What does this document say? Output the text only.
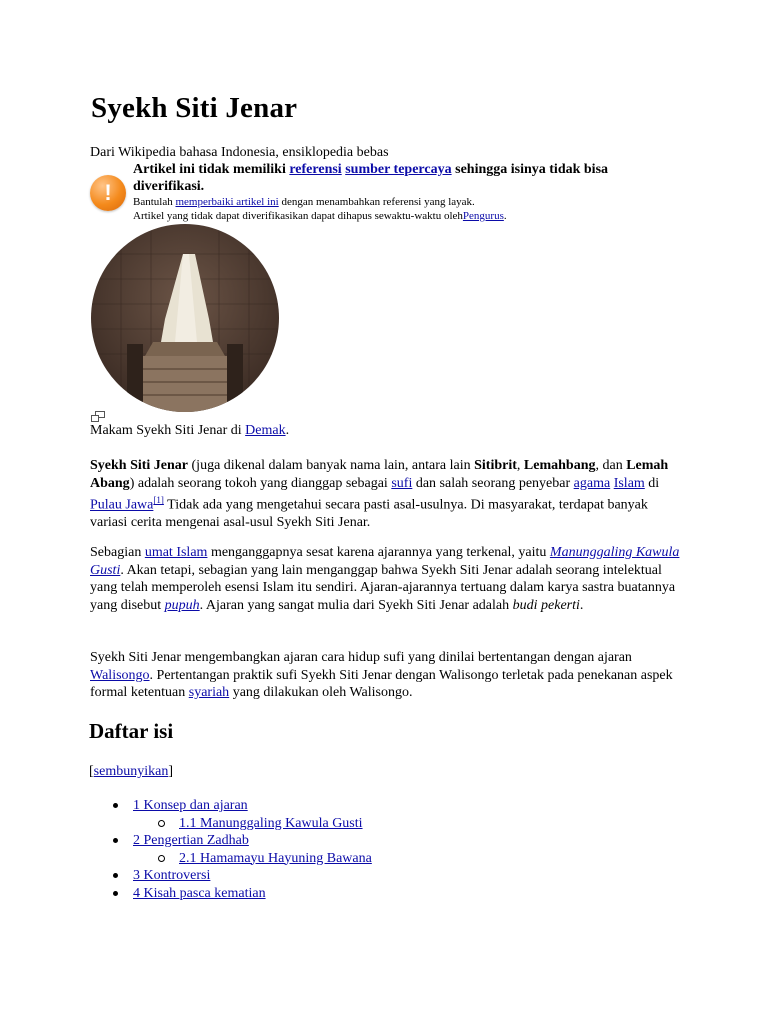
Syekh Siti Jenar
Dari Wikipedia bahasa Indonesia, ensiklopedia bebas
!
Artikel ini tidak memiliki referensi sumber tepercaya sehingga isinya tidak bisa diverifikasi.
Bantulah memperbaiki artikel ini dengan menambahkan referensi yang layak.
Artikel yang tidak dapat diverifikasikan dapat dihapus sewaktu-waktu olehPengurus.
Makam Syekh Siti Jenar di Demak.
Syekh Siti Jenar (juga dikenal dalam banyak nama lain, antara lain Sitibrit, Lemahbang, dan Lemah Abang) adalah seorang tokoh yang dianggap sebagai sufi dan salah seorang penyebar agama Islam di Pulau Jawa[1] Tidak ada yang mengetahui secara pasti asal-usulnya. Di masyarakat, terdapat banyak variasi cerita mengenai asal-usul Syekh Siti Jenar.
Sebagian umat Islam menganggapnya sesat karena ajarannya yang terkenal, yaitu Manunggaling Kawula Gusti. Akan tetapi, sebagian yang lain menganggap bahwa Syekh Siti Jenar adalah seorang intelektual yang telah memperoleh esensi Islam itu sendiri. Ajaran-ajarannya tertuang dalam karya sastra buatannya yang disebut pupuh. Ajaran yang sangat mulia dari Syekh Siti Jenar adalah budi pekerti.
Syekh Siti Jenar mengembangkan ajaran cara hidup sufi yang dinilai bertentangan dengan ajaran Walisongo. Pertentangan praktik sufi Syekh Siti Jenar dengan Walisongo terletak pada penekanan aspek formal ketentuan syariah yang dilakukan oleh Walisongo.
Daftar isi
[sembunyikan]
1 Konsep dan ajaran
1.1 Manunggaling Kawula Gusti
2 Pengertian Zadhab
2.1 Hamamayu Hayuning Bawana
3 Kontroversi
4 Kisah pasca kematian
